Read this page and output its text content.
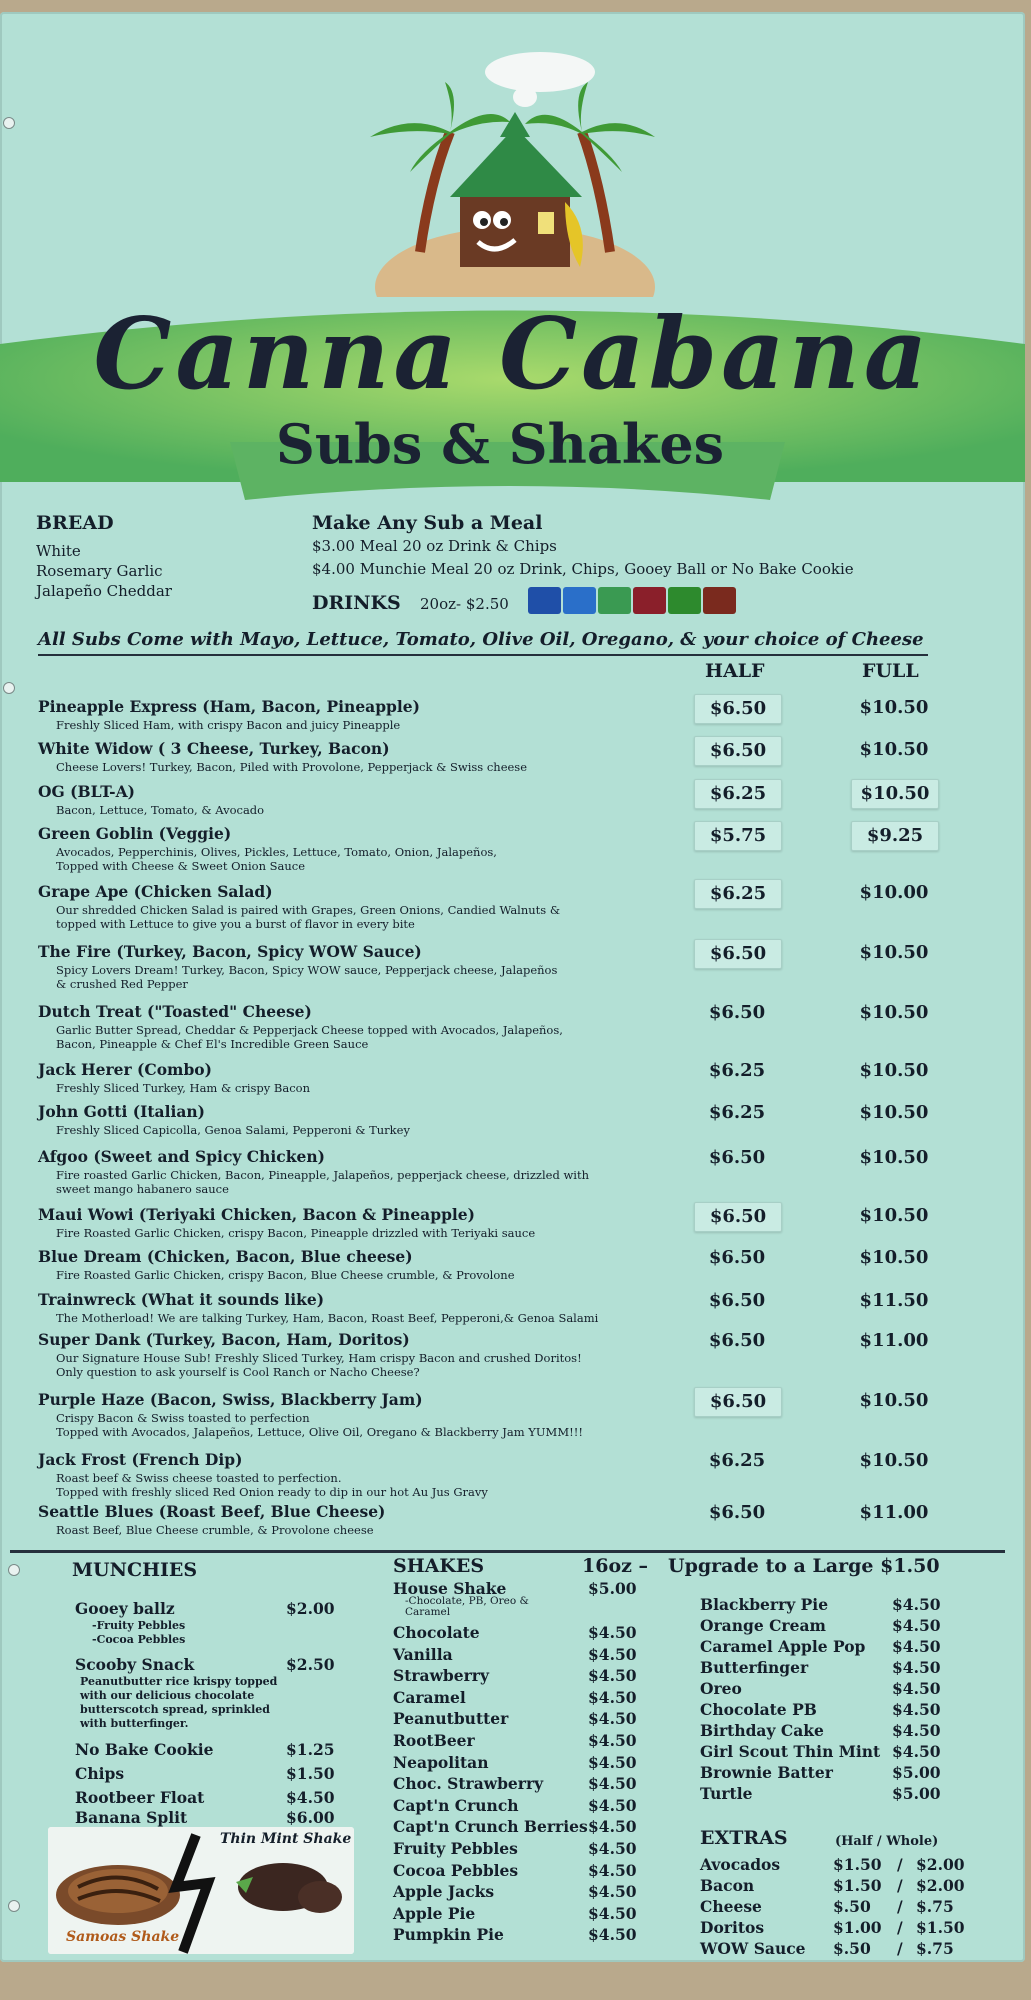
Canna Cabana
Subs & Shakes
BREAD
White
Rosemary Garlic
Jalapeño Cheddar
Make Any Sub a Meal
$3.00 Meal 20 oz Drink & Chips
$4.00 Munchie Meal 20 oz Drink, Chips, Gooey Ball or No Bake Cookie
DRINKS 20oz- $2.50
All Subs Come with Mayo, Lettuce, Tomato, Olive Oil, Oregano, & your choice of Cheese
HALF	FULL
MUNCHIES
Thin Mint Shake
Samoas Shake
SHAKES	16oz – Upgrade to a Large $1.50
EXTRAS	(Half / Whole)
Pineapple Express (Ham, Bacon, Pineapple)
Freshly Sliced Ham, with crispy Bacon and juicy Pineapple
$6.50	$10.50
White Widow ( 3 Cheese, Turkey, Bacon)
Cheese Lovers! Turkey, Bacon, Piled with Provolone, Pepperjack & Swiss cheese
$6.50	$10.50
OG (BLT-A)
Bacon, Lettuce, Tomato, & Avocado
$6.25	$10.50
Green Goblin (Veggie)
Avocados, Pepperchinis, Olives, Pickles, Lettuce, Tomato, Onion, Jalapeños,
Topped with Cheese & Sweet Onion Sauce
$5.75	$9.25
Grape Ape (Chicken Salad)
Our shredded Chicken Salad is paired with Grapes, Green Onions, Candied Walnuts &
topped with Lettuce to give you a burst of flavor in every bite
$6.25	$10.00
The Fire (Turkey, Bacon, Spicy WOW Sauce)
Spicy Lovers Dream! Turkey, Bacon, Spicy WOW sauce, Pepperjack cheese, Jalapeños
& crushed Red Pepper
$6.50	$10.50
Dutch Treat ("Toasted" Cheese)
Garlic Butter Spread, Cheddar & Pepperjack Cheese topped with Avocados, Jalapeños,
Bacon, Pineapple & Chef El's Incredible Green Sauce
$6.50	$10.50
Jack Herer (Combo)
Freshly Sliced Turkey, Ham & crispy Bacon
$6.25	$10.50
John Gotti (Italian)
Freshly Sliced Capicolla, Genoa Salami, Pepperoni & Turkey
$6.25	$10.50
Afgoo (Sweet and Spicy Chicken)
Fire roasted Garlic Chicken, Bacon, Pineapple, Jalapeños, pepperjack cheese, drizzled with
sweet mango habanero sauce
$6.50	$10.50
Maui Wowi (Teriyaki Chicken, Bacon & Pineapple)
Fire Roasted Garlic Chicken, crispy Bacon, Pineapple drizzled with Teriyaki sauce
$6.50	$10.50
Blue Dream (Chicken, Bacon, Blue cheese)
Fire Roasted Garlic Chicken, crispy Bacon, Blue Cheese crumble, & Provolone
$6.50	$10.50
Trainwreck (What it sounds like)
The Motherload! We are talking Turkey, Ham, Bacon, Roast Beef, Pepperoni,& Genoa Salami
$6.50	$11.50
Super Dank (Turkey, Bacon, Ham, Doritos)
Our Signature House Sub! Freshly Sliced Turkey, Ham crispy Bacon and crushed Doritos!
Only question to ask yourself is Cool Ranch or Nacho Cheese?
$6.50	$11.00
Purple Haze (Bacon, Swiss, Blackberry Jam)
Crispy Bacon & Swiss toasted to perfection
Topped with Avocados, Jalapeños, Lettuce, Olive Oil, Oregano & Blackberry Jam YUMM!!!
$6.50	$10.50
Jack Frost (French Dip)
Roast beef & Swiss cheese toasted to perfection.
Topped with freshly sliced Red Onion ready to dip in our hot Au Jus Gravy
$6.25	$10.50
Seattle Blues (Roast Beef, Blue Cheese)
Roast Beef, Blue Cheese crumble, & Provolone cheese
$6.50	$11.00
Gooey ballz	$2.00
-Fruity Pebbles
-Cocoa Pebbles
Scooby Snack	$2.50
Peanutbutter rice krispy topped
with our delicious chocolate
butterscotch spread, sprinkled
with butterfinger.
No Bake Cookie	$1.25
Chips	$1.50
Rootbeer Float	$4.50
Banana Split	$6.00
House Shake	$5.00
-Chocolate, PB, Oreo & Caramel
Chocolate	$4.50
Vanilla	$4.50
Strawberry	$4.50
Caramel	$4.50
Peanutbutter	$4.50
RootBeer	$4.50
Neapolitan	$4.50
Choc. Strawberry	$4.50
Capt'n Crunch	$4.50
Capt'n Crunch Berries $4.50
Fruity Pebbles	$4.50
Cocoa Pebbles	$4.50
Apple Jacks	$4.50
Apple Pie	$4.50
Pumpkin Pie	$4.50
Blackberry Pie	$4.50
Orange Cream	$4.50
Caramel Apple Pop $4.50
Butterfinger	$4.50
Oreo	$4.50
Chocolate PB	$4.50
Birthday Cake	$4.50
Girl Scout Thin Mint $4.50
Brownie Batter	$5.00
Turtle	$5.00
Avocados	$1.50 / $2.00
Bacon	$1.50 / $2.00
Cheese	$.50 / $.75
Doritos	$1.00 / $1.50
WOW Sauce $.50 / $.75
